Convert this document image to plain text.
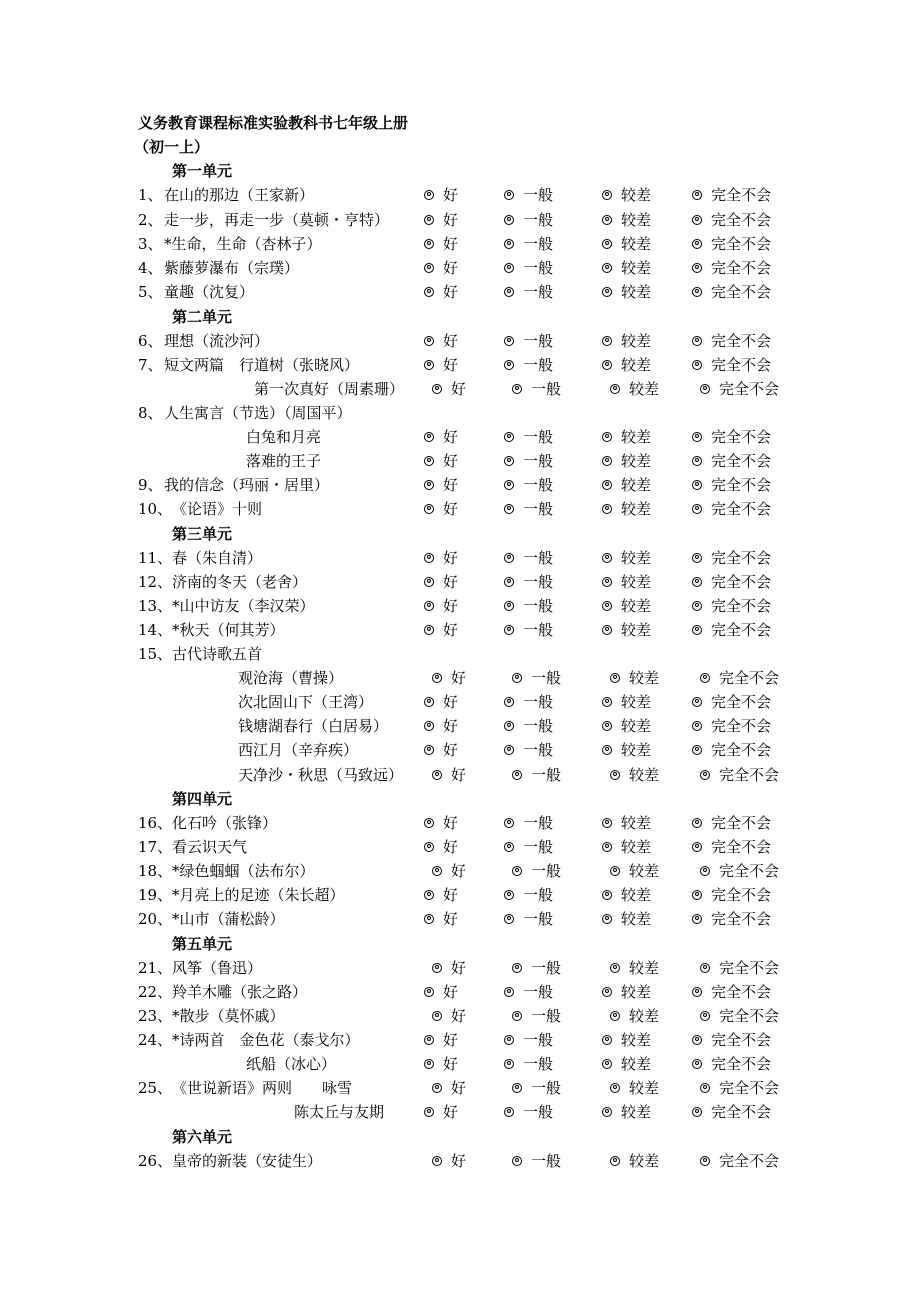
义务教育课程标准实验教科书七年级上册
（初一上）
第一单元
第二单元
第三单元
第四单元
第五单元
第六单元
1、 在山的那边（王家新）	好	一般	较差	完全不会
2、 走一步，再走一步（莫顿・亨特）	好	一般	较差	完全不会
3、 *生命，生命（杏林子）	好	一般	较差	完全不会
4、 紫藤萝瀑布（宗璞）	好	一般	较差	完全不会
5、 童趣（沈复）	好	一般	较差	完全不会
6、 理想（流沙河）	好	一般	较差	完全不会
7、 短文两篇　行道树（张晓风）	好	一般	较差	完全不会
第一次真好（周素珊）	好	一般	较差	完全不会
8、 人生寓言（节选）（周国平）
白兔和月亮	好	一般	较差	完全不会
落难的王子	好	一般	较差	完全不会
9、 我的信念（玛丽・居里）	好	一般	较差	完全不会
10、 《论语》十则	好	一般	较差	完全不会
11、 春（朱自清）	好	一般	较差	完全不会
12、 济南的冬天（老舍）	好	一般	较差	完全不会
13、 *山中访友（李汉荣）	好	一般	较差	完全不会
14、 *秋天（何其芳）	好	一般	较差	完全不会
15、 古代诗歌五首
观沧海（曹操）	好	一般	较差	完全不会
次北固山下（王湾）	好	一般	较差	完全不会
钱塘湖春行（白居易）	好	一般	较差	完全不会
西江月（辛弃疾）	好	一般	较差	完全不会
天净沙・秋思（马致远）	好	一般	较差	完全不会
16、 化石吟（张锋）	好	一般	较差	完全不会
17、 看云识天气	好	一般	较差	完全不会
18、 *绿色蝈蝈（法布尔）	好	一般	较差	完全不会
19、 *月亮上的足迹（朱长超）	好	一般	较差	完全不会
20、 *山市（蒲松龄）	好	一般	较差	完全不会
21、 风筝（鲁迅）	好	一般	较差	完全不会
22、 羚羊木雕（张之路）	好	一般	较差	完全不会
23、 *散步（莫怀戚）	好	一般	较差	完全不会
24、 *诗两首　金色花（泰戈尔）	好	一般	较差	完全不会
纸船（冰心）	好	一般	较差	完全不会
25、 《世说新语》两则　　咏雪	好	一般	较差	完全不会
陈太丘与友期	好	一般	较差	完全不会
26、 皇帝的新装（安徒生）	好	一般	较差	完全不会
